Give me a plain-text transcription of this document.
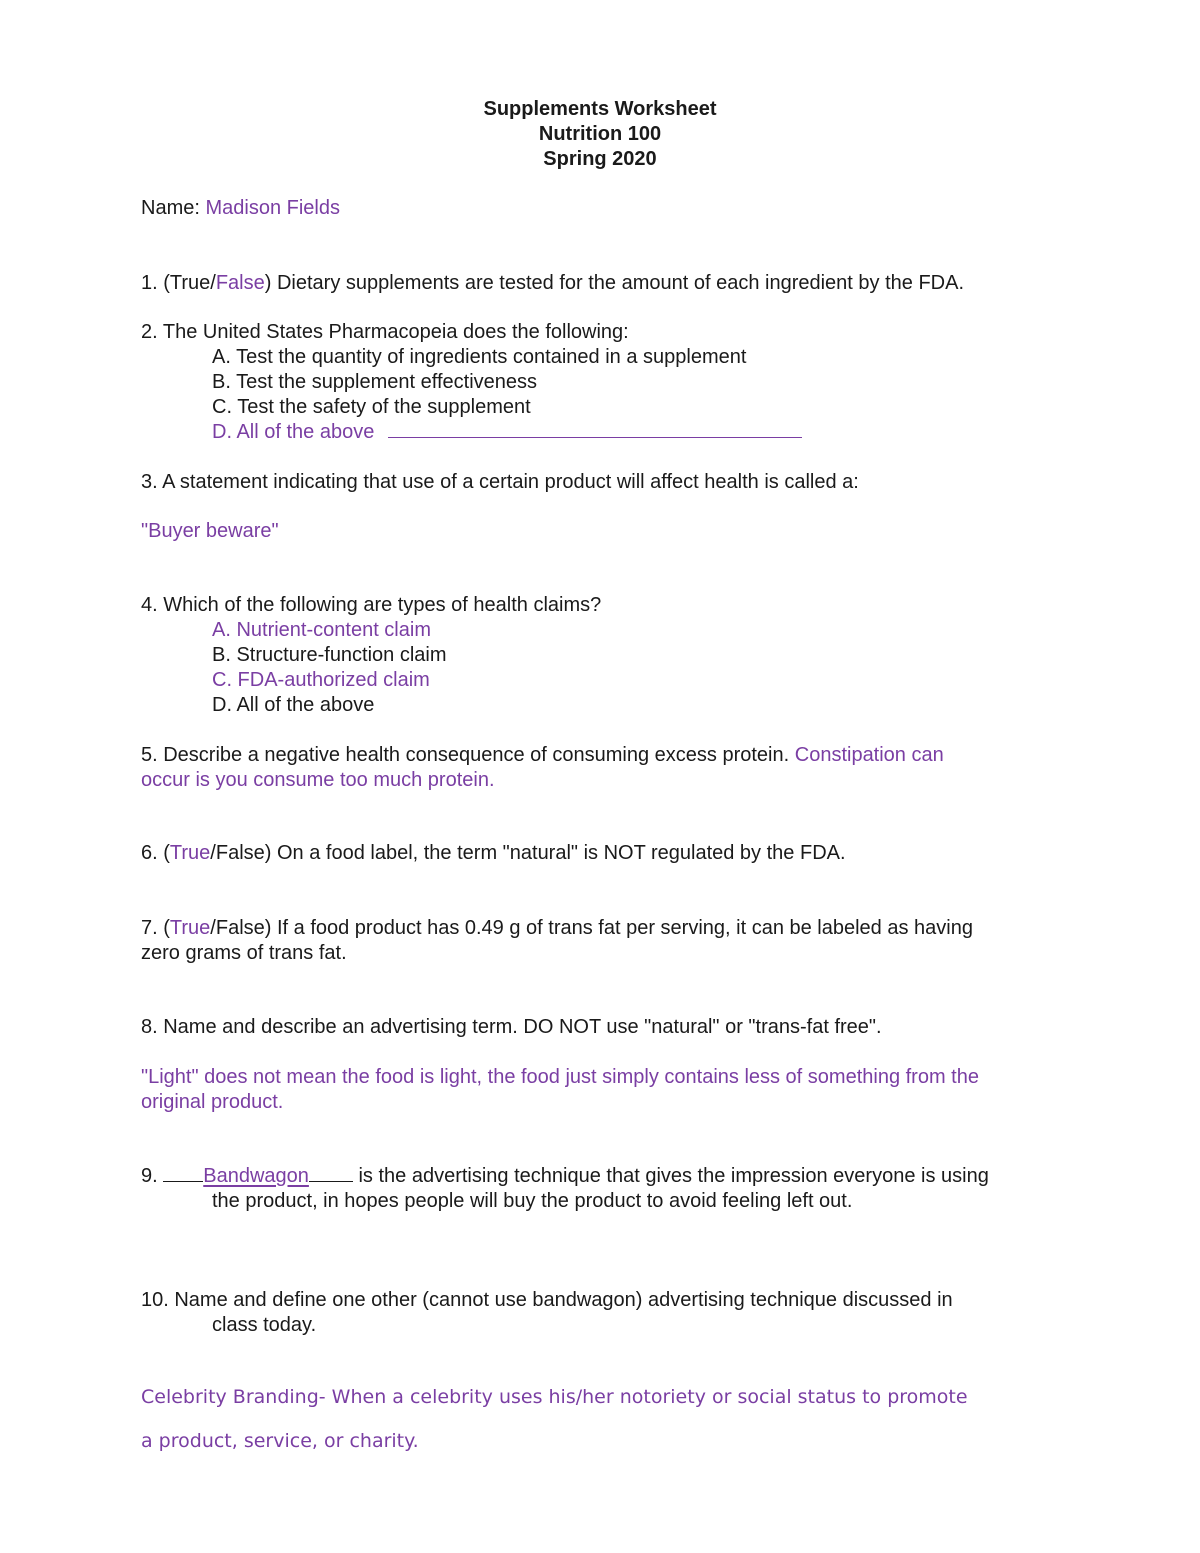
Supplements Worksheet
Nutrition 100
Spring 2020
Name: Madison Fields
1. (True/False) Dietary supplements are tested for the amount of each ingredient by the FDA.
2. The United States Pharmacopeia does the following:
A. Test the quantity of ingredients contained in a supplement
B. Test the supplement effectiveness
C. Test the safety of the supplement
D. All of the above
3. A statement indicating that use of a certain product will affect health is called a:
"Buyer beware"
4. Which of the following are types of health claims?
A. Nutrient-content claim
B. Structure-function claim
C. FDA-authorized claim
D. All of the above
5. Describe a negative health consequence of consuming excess protein. Constipation can
occur is you consume too much protein.
6. (True/False) On a food label, the term "natural" is NOT regulated by the FDA.
7. (True/False) If a food product has 0.49 g of trans fat per serving, it can be labeled as having
zero grams of trans fat.
8. Name and describe an advertising term. DO NOT use "natural" or "trans-fat free".
"Light" does not mean the food is light, the food just simply contains less of something from the
original product.
9. Bandwagon is the advertising technique that gives the impression everyone is using
the product, in hopes people will buy the product to avoid feeling left out.
10. Name and define one other (cannot use bandwagon) advertising technique discussed in
class today.
Celebrity Branding- When a celebrity uses his/her notoriety or social status to promote
a product, service, or charity.
